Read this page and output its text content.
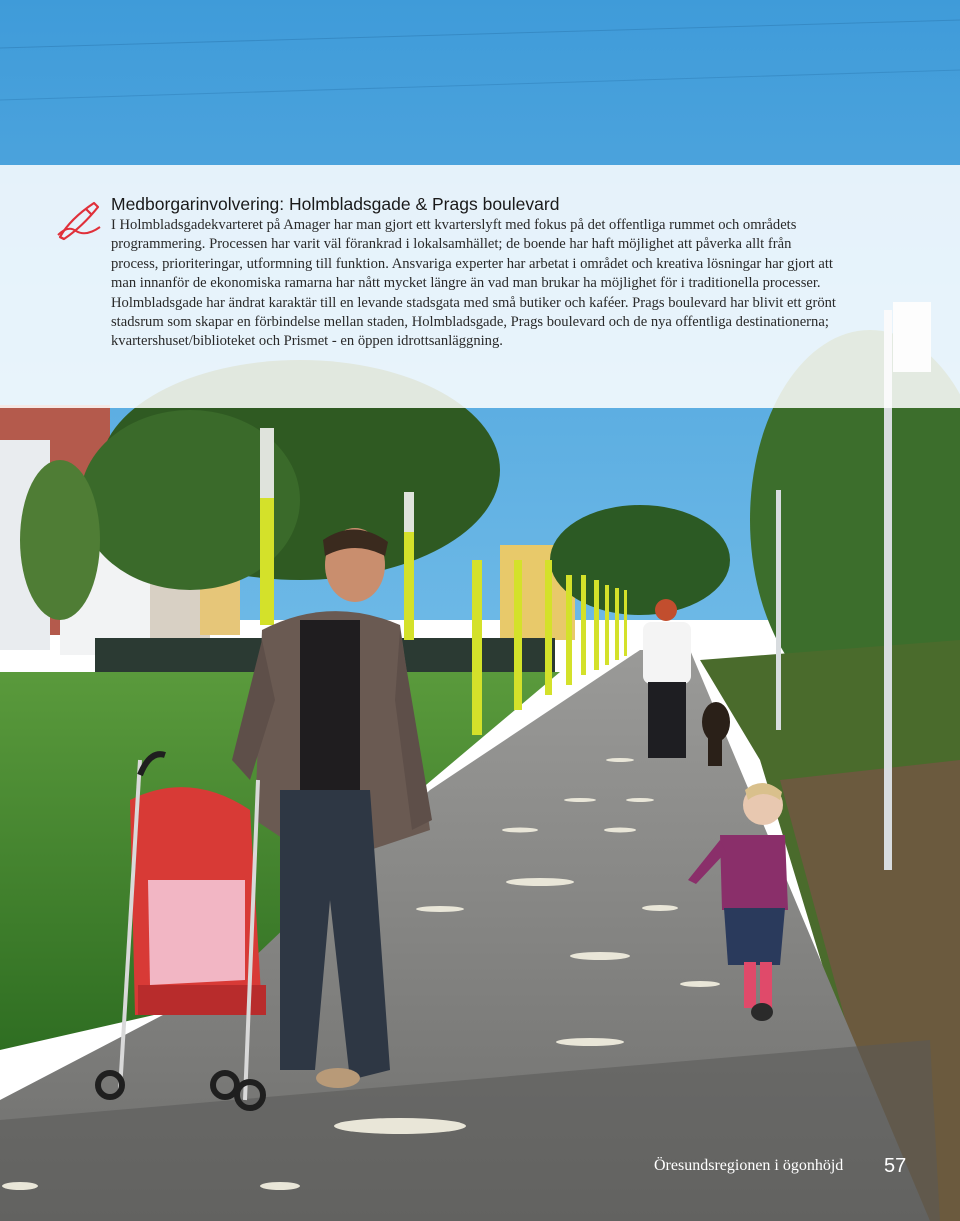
Medborgarinvolvering: Holmbladsgade & Prags boulevard

I Holmbladsgadekvarteret på Amager har man gjort ett kvarterslyft med fokus på det offentliga rummet och områdets programmering. Processen har varit väl förankrad i lokalsamhället; de boende har haft möjlighet att påverka allt från process, prioriteringar, utformning till funktion. Ansvariga experter har arbetat i området och kreativa lösningar har gjort att man innanför de ekonomiska ramarna har nått mycket längre än vad man brukar ha möjlighet för i traditionella processer. Holmbladsgade har ändrat karaktär till en levande stadsgata med små butiker och kaféer. Prags boulevard har blivit ett grönt stadsrum som skapar en förbindelse mellan staden, Holmbladsgade, Prags boulevard och de nya offentliga destinationerna; kvartershuset/biblioteket och Prismet - en öppen idrottsanläggning.

Öresundsregionen i ögonhöjd 57
